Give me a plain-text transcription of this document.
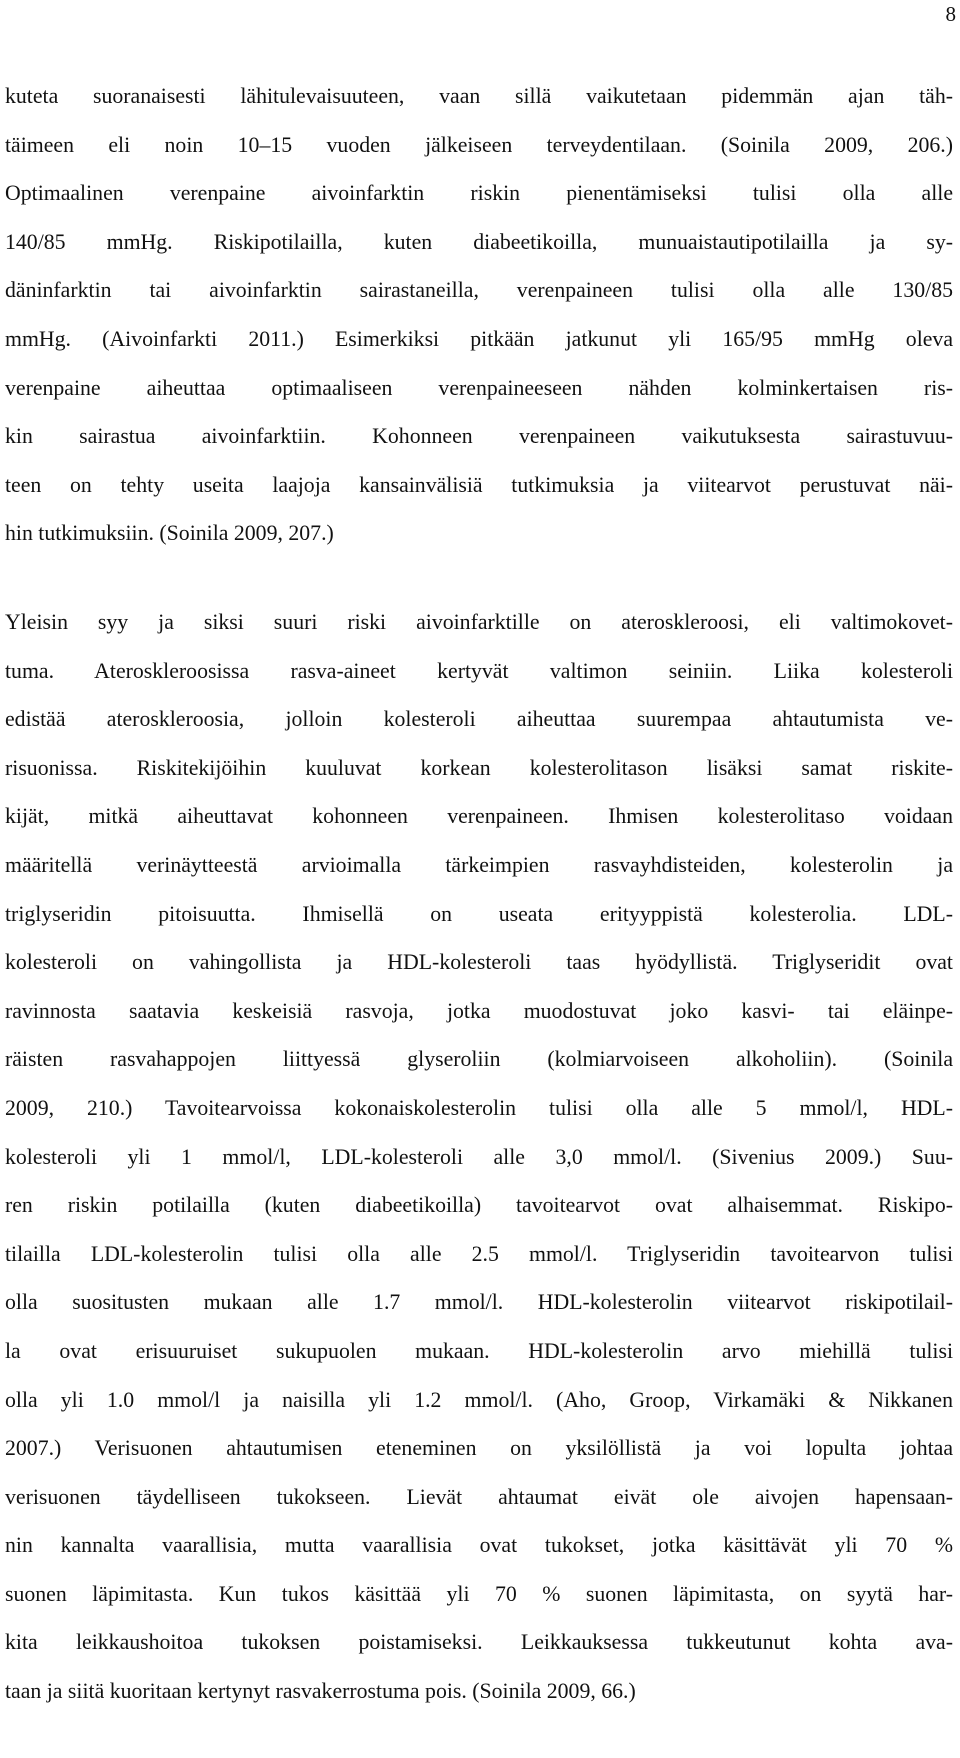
8
kuteta suoranaisesti lähitulevaisuuteen, vaan sillä vaikutetaan pidemmän ajan täh-
täimeen eli noin 10–15 vuoden jälkeiseen terveydentilaan. (Soinila 2009, 206.)
Optimaalinen verenpaine aivoinfarktin riskin pienentämiseksi tulisi olla alle
140/85 mmHg. Riskipotilailla, kuten diabeetikoilla, munuaistautipotilailla ja sy-
däninfarktin tai aivoinfarktin sairastaneilla, verenpaineen tulisi olla alle 130/85
mmHg. (Aivoinfarkti 2011.) Esimerkiksi pitkään jatkunut yli 165/95 mmHg oleva
verenpaine aiheuttaa optimaaliseen verenpaineeseen nähden kolminkertaisen ris-
kin sairastua aivoinfarktiin. Kohonneen verenpaineen vaikutuksesta sairastuvuu-
teen on tehty useita laajoja kansainvälisiä tutkimuksia ja viitearvot perustuvat näi-
hin tutkimuksiin. (Soinila 2009, 207.)
Yleisin syy ja siksi suuri riski aivoinfarktille on ateroskleroosi, eli valtimokovet-
tuma. Ateroskleroosissa rasva-aineet kertyvät valtimon seiniin. Liika kolesteroli
edistää ateroskleroosia, jolloin kolesteroli aiheuttaa suurempaa ahtautumista ve-
risuonissa. Riskitekijöihin kuuluvat korkean kolesterolitason lisäksi samat riskite-
kijät, mitkä aiheuttavat kohonneen verenpaineen. Ihmisen kolesterolitaso voidaan
määritellä verinäytteestä arvioimalla tärkeimpien rasvayhdisteiden, kolesterolin ja
triglyseridin pitoisuutta. Ihmisellä on useata erityyppistä kolesterolia. LDL-
kolesteroli on vahingollista ja HDL-kolesteroli taas hyödyllistä. Triglyseridit ovat
ravinnosta saatavia keskeisiä rasvoja, jotka muodostuvat joko kasvi- tai eläinpe-
räisten rasvahappojen liittyessä glyseroliin (kolmiarvoiseen alkoholiin). (Soinila
2009, 210.) Tavoitearvoissa kokonaiskolesterolin tulisi olla alle 5 mmol/l, HDL-
kolesteroli yli 1 mmol/l, LDL-kolesteroli alle 3,0 mmol/l. (Sivenius 2009.) Suu-
ren riskin potilailla (kuten diabeetikoilla) tavoitearvot ovat alhaisemmat. Riskipo-
tilailla LDL-kolesterolin tulisi olla alle 2.5 mmol/l. Triglyseridin tavoitearvon tulisi
olla suositusten mukaan alle 1.7 mmol/l. HDL-kolesterolin viitearvot riskipotilail-
la ovat erisuuruiset sukupuolen mukaan. HDL-kolesterolin arvo miehillä tulisi
olla yli 1.0 mmol/l ja naisilla yli 1.2 mmol/l. (Aho, Groop, Virkamäki & Nikkanen
2007.) Verisuonen ahtautumisen eteneminen on yksilöllistä ja voi lopulta johtaa
verisuonen täydelliseen tukokseen. Lievät ahtaumat eivät ole aivojen hapensaan-
nin kannalta vaarallisia, mutta vaarallisia ovat tukokset, jotka käsittävät yli 70 %
suonen läpimitasta. Kun tukos käsittää yli 70 % suonen läpimitasta, on syytä har-
kita leikkaushoitoa tukoksen poistamiseksi. Leikkauksessa tukkeutunut kohta ava-
taan ja siitä kuoritaan kertynyt rasvakerrostuma pois. (Soinila 2009, 66.)
